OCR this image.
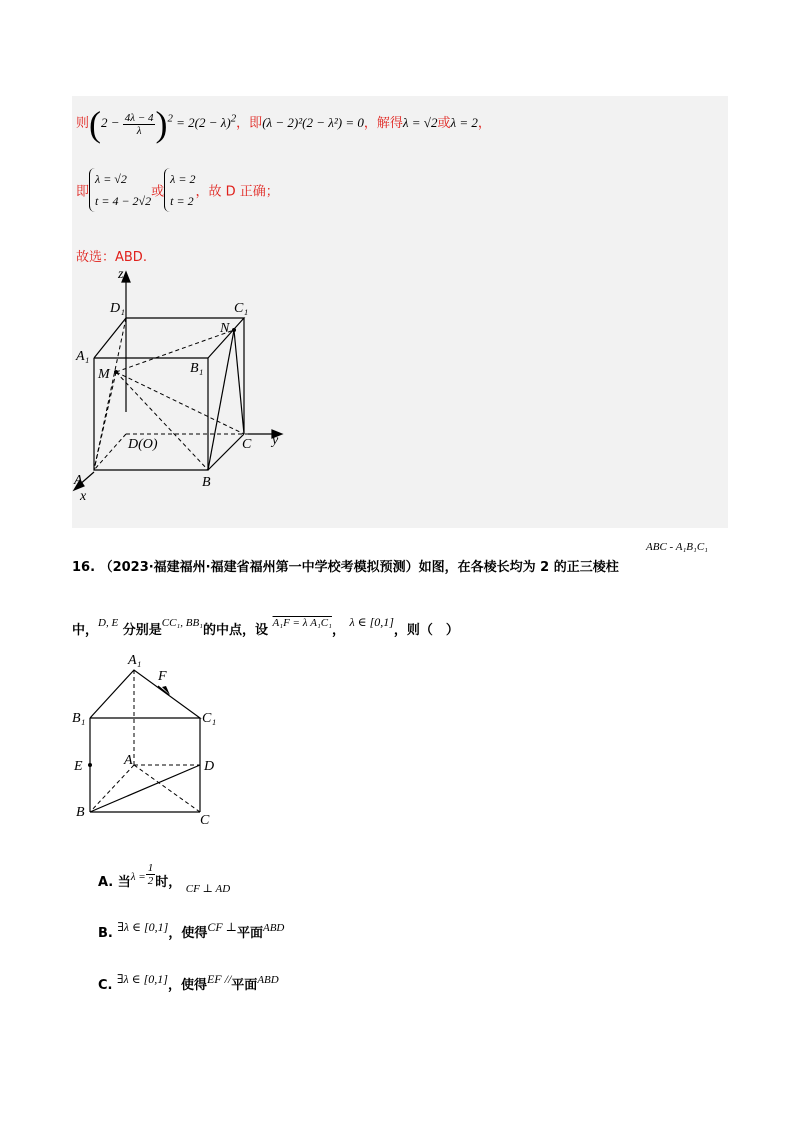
则$(2 - \frac{4\lambda - 4}{\lambda} )^2 = 2(2 - \lambda)^2$，即(λ − 2)²(2 − λ²) = 0，解得λ = √2或λ = 2，
即λ = √2
t = 4 − 2√2或λ = 2
t = 2，故 D 正确；
故选：ABD.
z
y
x
D₁	C₁
N
A₁
M	B₁
D(O)	C
A	B
16. （2023·福建福州·福建省福州第一中学校考模拟预测）如图，在各棱长均为 2 的正三棱柱
ABC - A₁B₁C₁
中，$^{D, E}$ 分别是$^{CC_1, BB_1}$的中点，设 $^{A_1F = \lambda A_1C_1}$， λ ∈ [0,1]，则（　）
A₁
F
B₁	C₁
E	A	D
B
C
A. 当$^{\lambda =} \frac{1}{2}$ 时， $_{CF \perp AD}$
B. ∃λ ∈ [0,1]，使得CF ⊥平面$^{ABD}$
C. ∃λ ∈ [0,1]，使得EF //平面$^{ABD}$
